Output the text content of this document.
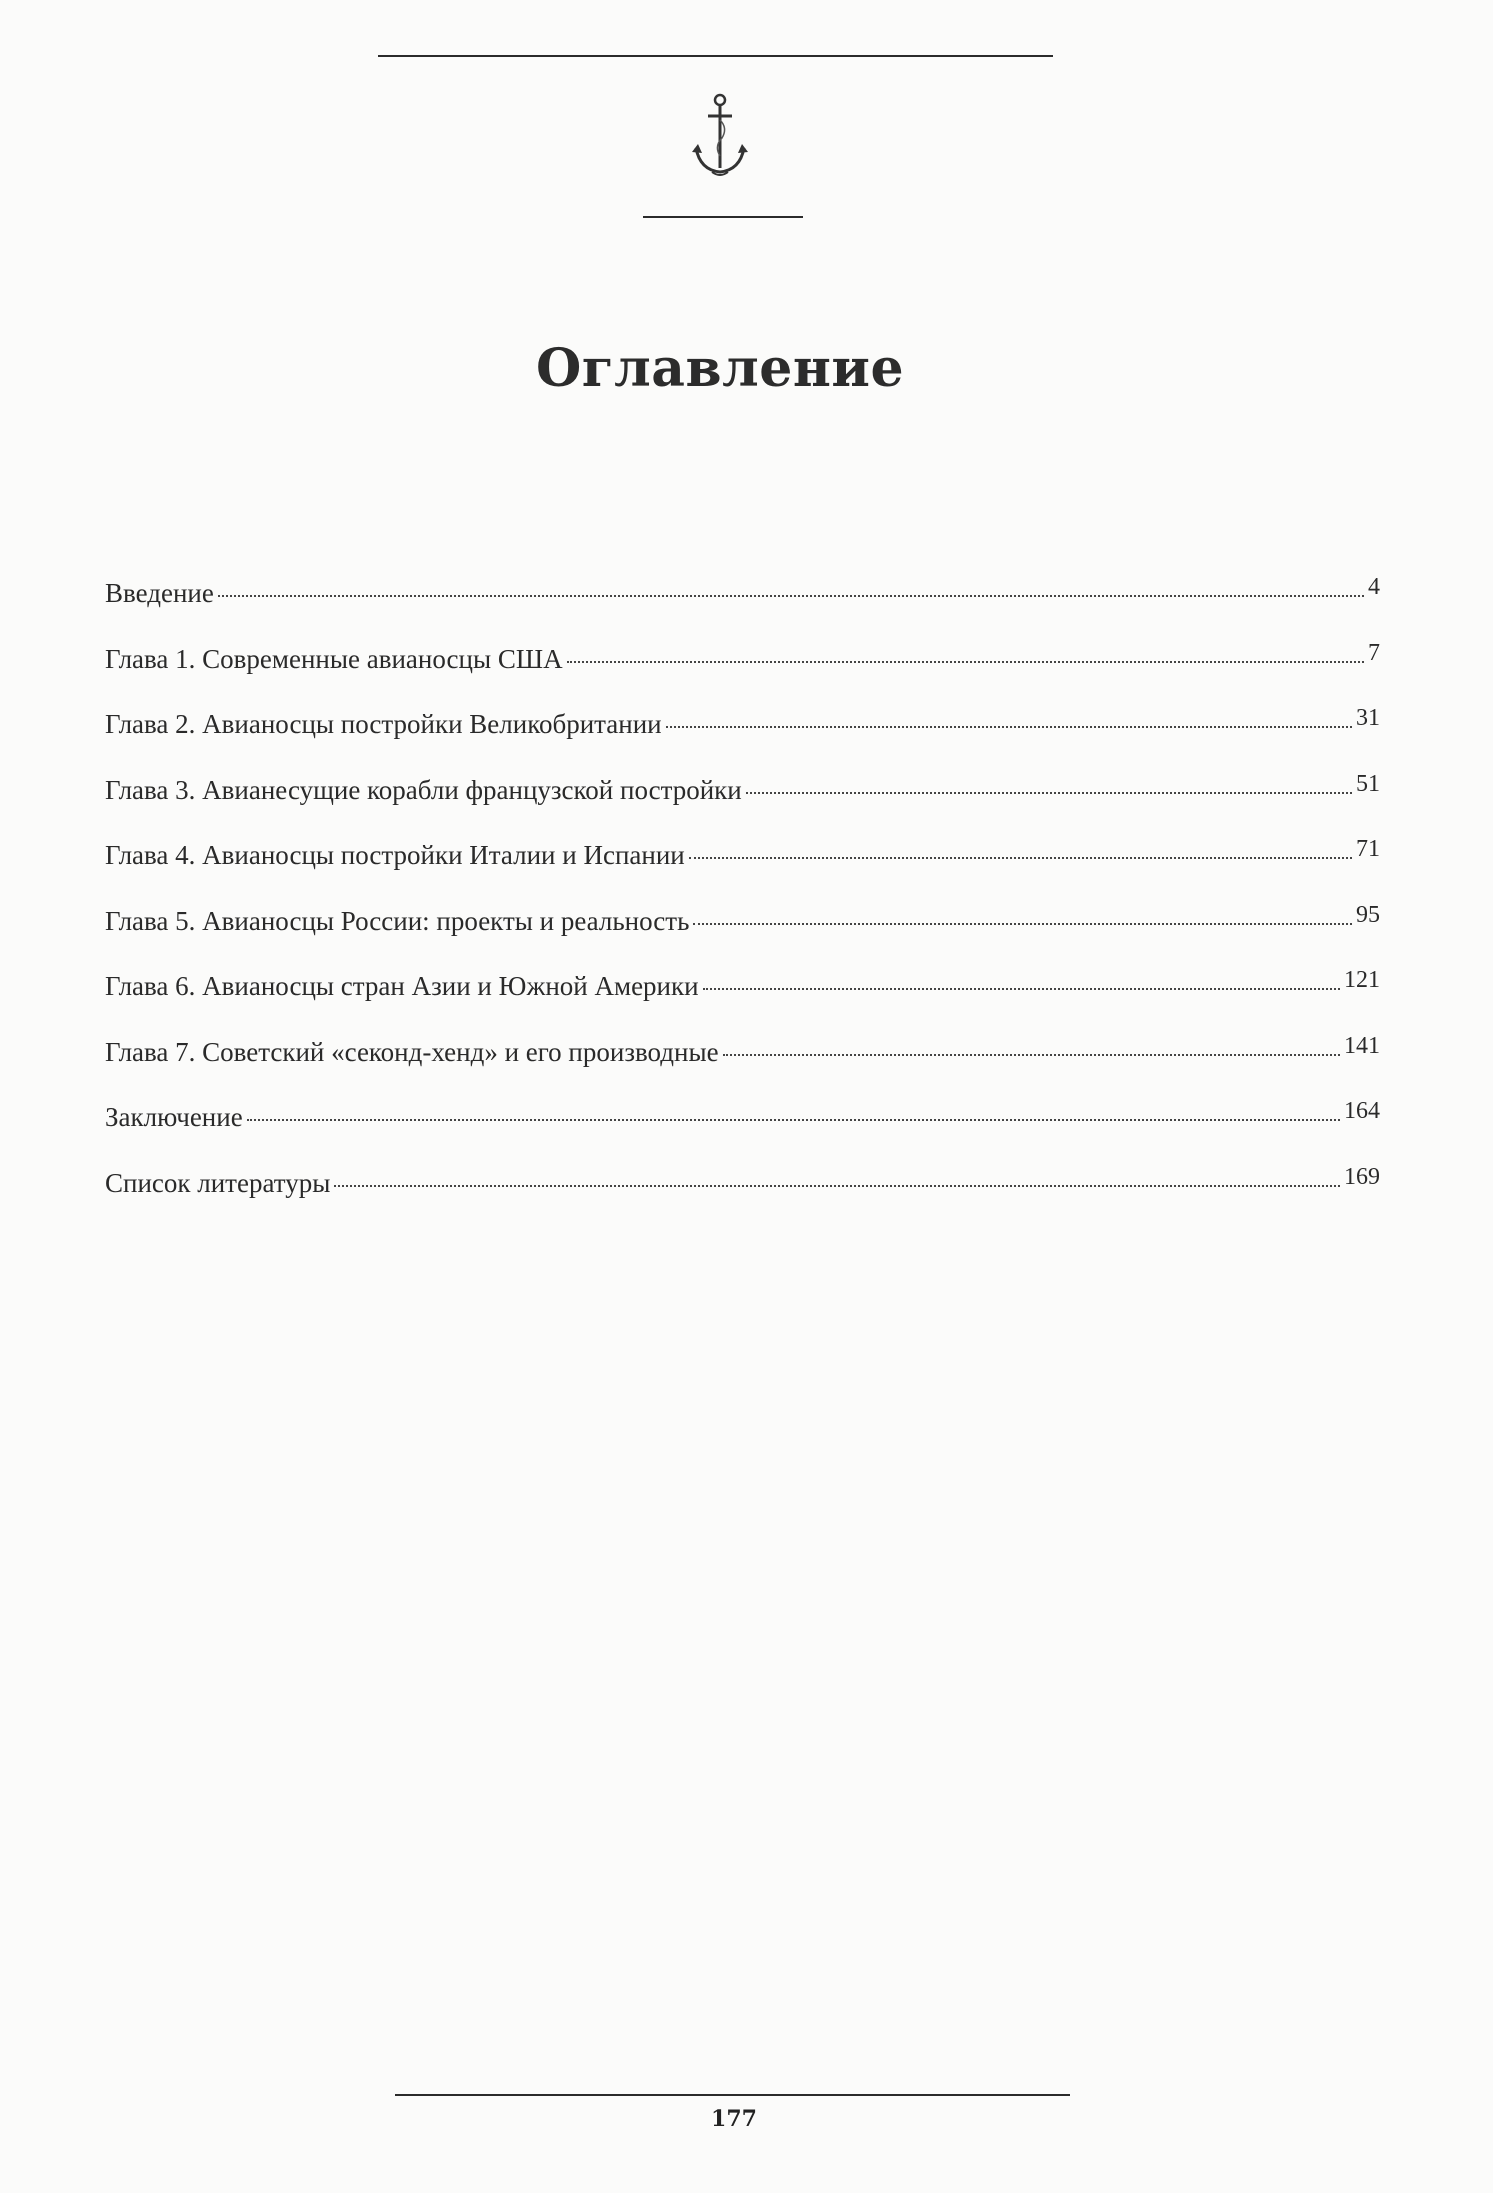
Оглавление
Введение	4
Глава 1. Современные авианосцы США	7
Глава 2. Авианосцы постройки Великобритании	31
Глава 3. Авианесущие корабли французской постройки	51
Глава 4. Авианосцы постройки Италии и Испании	71
Глава 5. Авианосцы России: проекты и реальность	95
Глава 6. Авианосцы стран Азии и Южной Америки	121
Глава 7. Советский «секонд-хенд» и его производные	141
Заключение	164
Список литературы	169
177
